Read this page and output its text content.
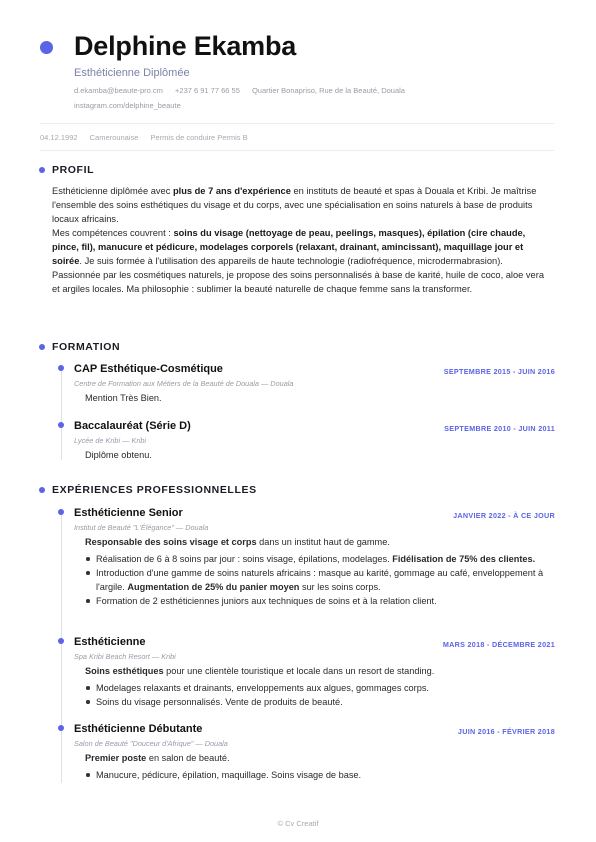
Delphine Ekamba
Esthéticienne Diplômée
d.ekamba@beaute-pro.cm +237 6 91 77 66 55 Quartier Bonapriso, Rue de la Beauté, Douala
instagram.com/delphine_beaute
04.12.1992 Camerounaise Permis de conduire Permis B
PROFIL

Esthéticienne diplômée avec plus de 7 ans d'expérience en instituts de beauté et spas à Douala et Kribi. Je maîtrise l'ensemble des soins esthétiques du visage et du corps, avec une spécialisation en soins naturels à base de produits locaux africains.

Mes compétences couvrent : soins du visage (nettoyage de peau, peelings, masques), épilation (cire chaude, pince, fil), manucure et pédicure, modelages corporels (relaxant, drainant, amincissant), maquillage jour et soirée. Je suis formée à l'utilisation des appareils de haute technologie (radiofréquence, microdermabrasion). Passionnée par les cosmétiques naturels, je propose des soins personnalisés à base de karité, huile de coco, aloe vera et argiles locales. Ma philosophie : sublimer la beauté naturelle de chaque femme sans la transformer.

FORMATION
CAP Esthétique-Cosmétique	SEPTEMBRE 2015 - JUIN 2016
Centre de Formation aux Métiers de la Beauté de Douala — Douala
Mention Très Bien.
Baccalauréat (Série D)	SEPTEMBRE 2010 - JUIN 2011
Lycée de Kribi — Kribi
Diplôme obtenu.
EXPÉRIENCES PROFESSIONNELLES
Esthéticienne Senior	JANVIER 2022 - À CE JOUR
Institut de Beauté "L'Élégance" — Douala
Responsable des soins visage et corps dans un institut haut de gamme.
Réalisation de 6 à 8 soins par jour : soins visage, épilations, modelages. Fidélisation de 75% des clientes.
Introduction d'une gamme de soins naturels africains : masque au karité, gommage au café, enveloppement à l'argile. Augmentation de 25% du panier moyen sur les soins corps.
Formation de 2 esthéticiennes juniors aux techniques de soins et à la relation client.
Esthéticienne	MARS 2018 - DÉCEMBRE 2021
Spa Kribi Beach Resort — Kribi
Soins esthétiques pour une clientèle touristique et locale dans un resort de standing.
Modelages relaxants et drainants, enveloppements aux algues, gommages corps.
Soins du visage personnalisés. Vente de produits de beauté.
Esthéticienne Débutante	JUIN 2016 - FÉVRIER 2018
Salon de Beauté "Douceur d'Afrique" — Douala
Premier poste en salon de beauté.
Manucure, pédicure, épilation, maquillage. Soins visage de base.
© Cv Creatif
